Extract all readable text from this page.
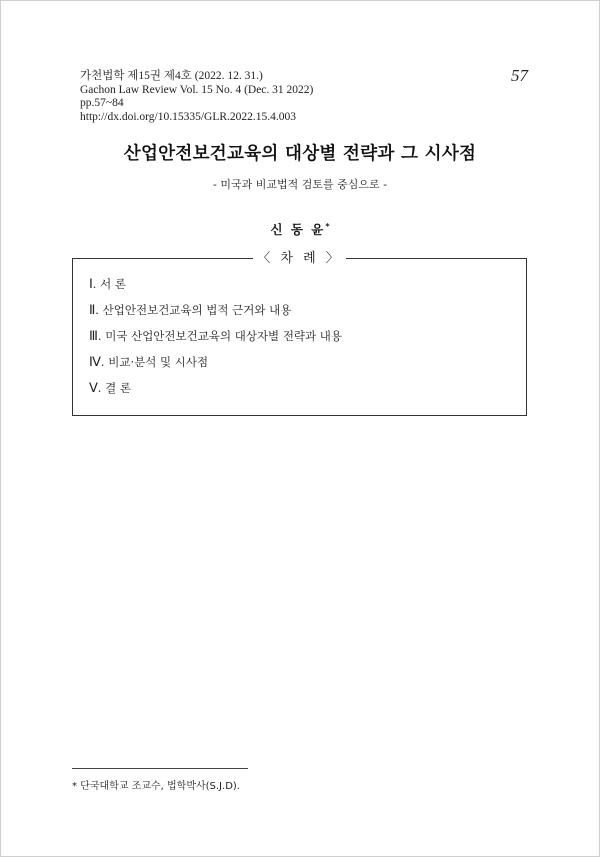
가천법학 제15권 제4호 (2022. 12. 31.)
Gachon Law Review Vol. 15 No. 4 (Dec. 31 2022)
pp.57~84
http://dx.doi.org/10.15335/GLR.2022.15.4.003
57
산업안전보건교육의 대상별 전략과 그 시사점
- 미국과 비교법적 검토를 중심으로 -
신 동 윤*
〈 차 례 〉
Ⅰ. 서 론
Ⅱ. 산업안전보건교육의 법적 근거와 내용
Ⅲ. 미국 산업안전보건교육의 대상자별 전략과 내용
Ⅳ. 비교·분석 및 시사점
Ⅴ. 결 론
* 단국대학교 조교수, 법학박사(S.J.D).
